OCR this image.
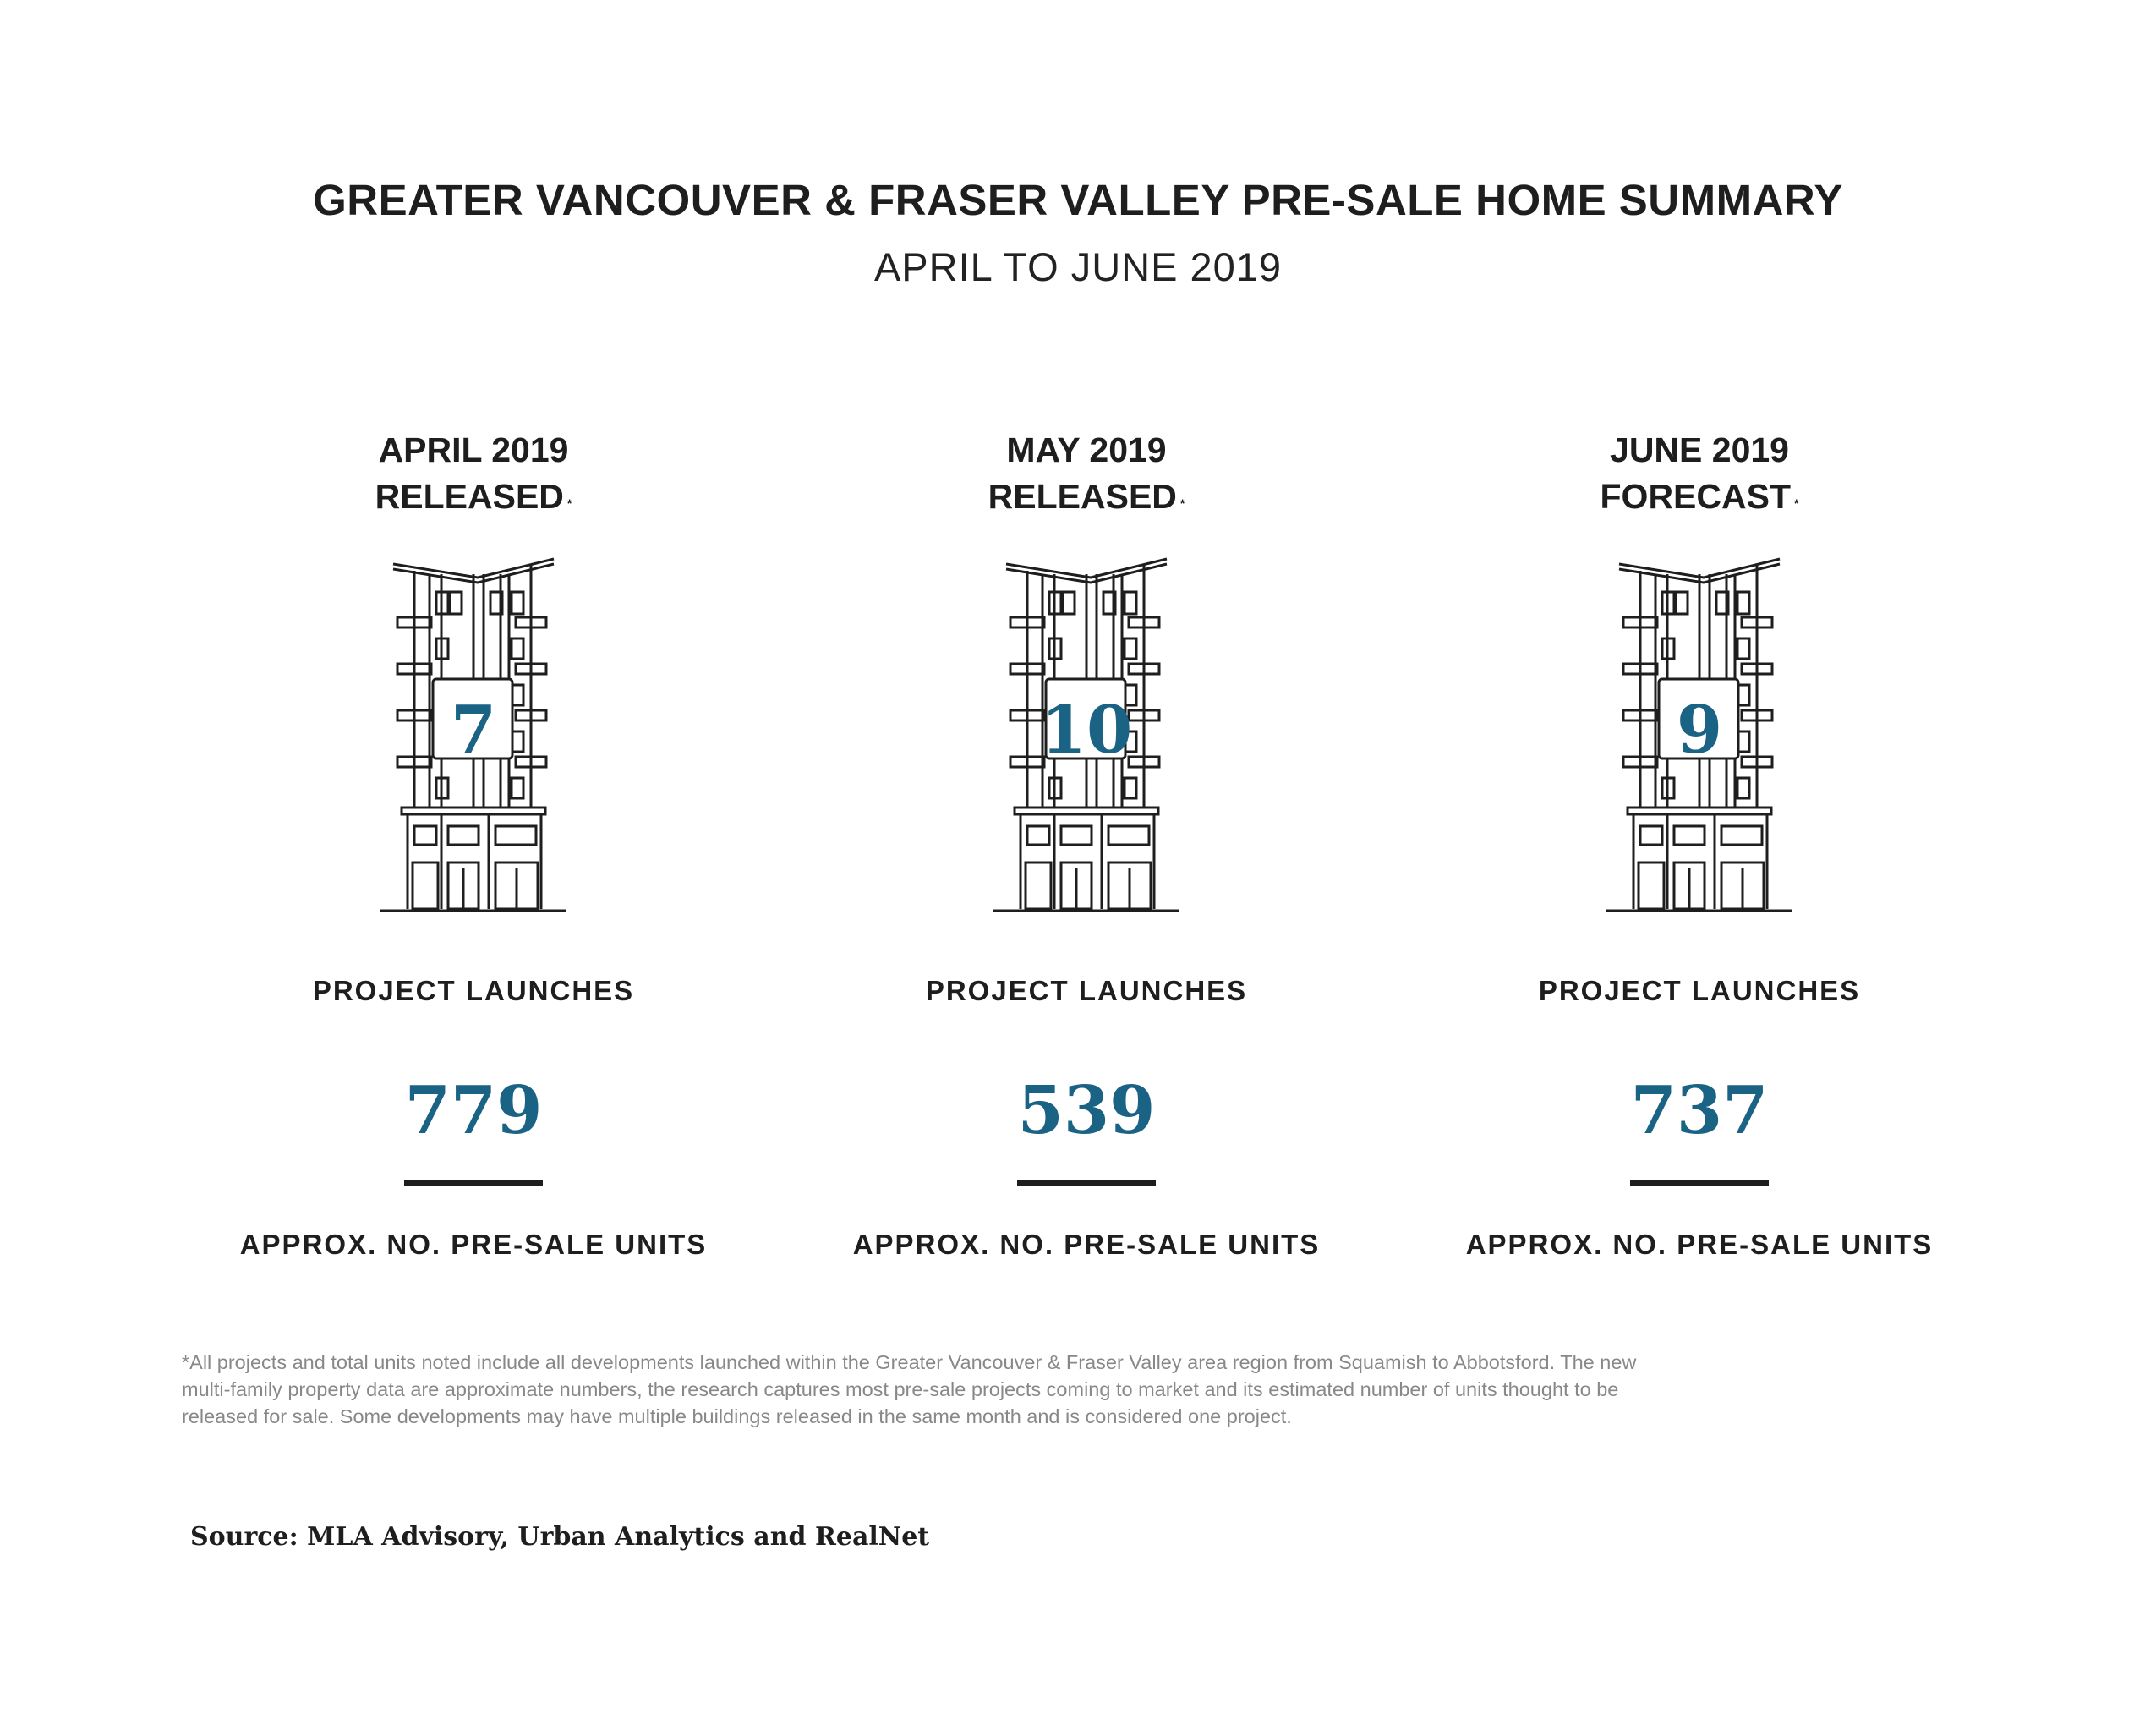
GREATER VANCOUVER & FRASER VALLEY PRE-SALE HOME SUMMARY
APRIL TO JUNE 2019
APRIL 2019
RELEASED *
7
PROJECT LAUNCHES
779
APPROX. NO. PRE-SALE UNITS
MAY 2019
RELEASED *
10
PROJECT LAUNCHES
539
APPROX. NO. PRE-SALE UNITS
JUNE 2019
FORECAST *
9
PROJECT LAUNCHES
737
APPROX. NO. PRE-SALE UNITS
*All projects and total units noted include all developments launched within the Greater Vancouver & Fraser Valley area region from Squamish to Abbotsford. The new
multi-family property data are approximate numbers, the research captures most pre-sale projects coming to market and its estimated number of units thought to be
released for sale. Some developments may have multiple buildings released in the same month and is considered one project.
Source: MLA Advisory, Urban Analytics and RealNet
